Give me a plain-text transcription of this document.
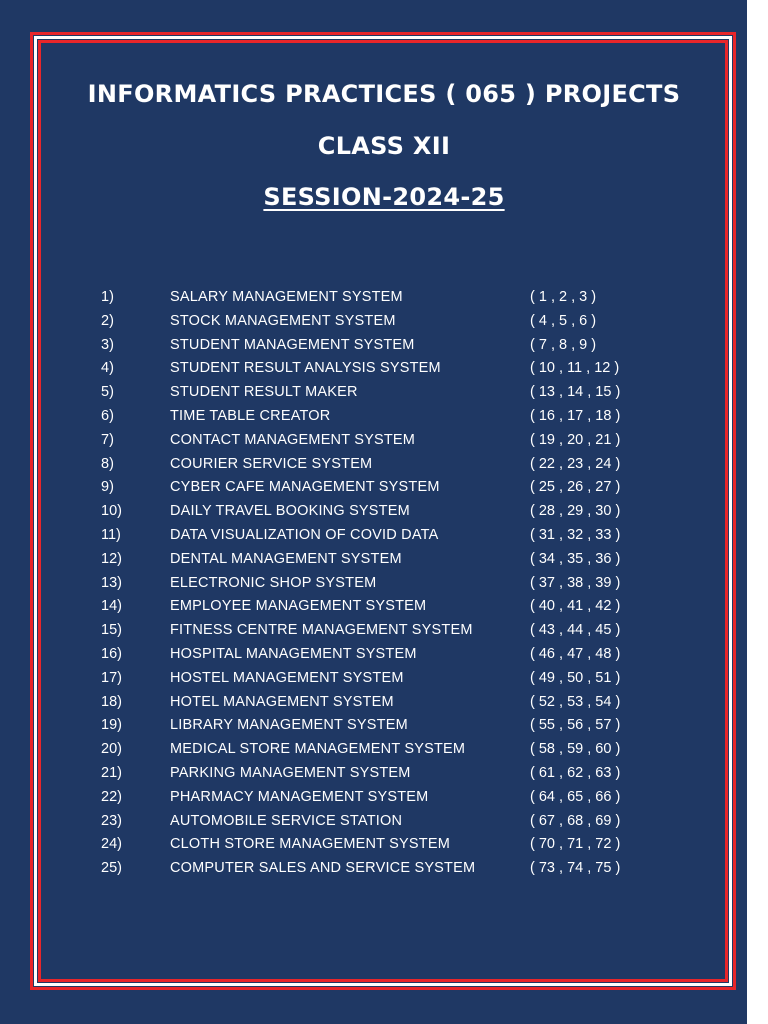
INFORMATICS PRACTICES ( 065 ) PROJECTS
CLASS XII
SESSION-2024-25
1)	SALARY MANAGEMENT SYSTEM	( 1 , 2 , 3 )
2)	STOCK MANAGEMENT SYSTEM	( 4 , 5 , 6 )
3)	STUDENT MANAGEMENT SYSTEM	( 7 , 8 , 9 )
4)	STUDENT RESULT ANALYSIS SYSTEM	( 10 , 11 , 12 )
5)	STUDENT RESULT MAKER	( 13 , 14 , 15 )
6)	TIME TABLE CREATOR	( 16 , 17 , 18 )
7)	CONTACT MANAGEMENT SYSTEM	( 19 , 20 , 21 )
8)	COURIER SERVICE SYSTEM	( 22 , 23 , 24 )
9)	CYBER CAFE MANAGEMENT SYSTEM	( 25 , 26 , 27 )
10)	DAILY TRAVEL BOOKING SYSTEM	( 28 , 29 , 30 )
11)	DATA VISUALIZATION OF COVID DATA	( 31 , 32 , 33 )
12)	DENTAL MANAGEMENT SYSTEM	( 34 , 35 , 36 )
13)	ELECTRONIC SHOP SYSTEM	( 37 , 38 , 39 )
14)	EMPLOYEE MANAGEMENT SYSTEM	( 40 , 41 , 42 )
15)	FITNESS CENTRE MANAGEMENT SYSTEM	( 43 , 44 , 45 )
16)	HOSPITAL MANAGEMENT SYSTEM	( 46 , 47 , 48 )
17)	HOSTEL MANAGEMENT SYSTEM	( 49 , 50 , 51 )
18)	HOTEL MANAGEMENT SYSTEM	( 52 , 53 , 54 )
19)	LIBRARY MANAGEMENT SYSTEM	( 55 , 56 , 57 )
20)	MEDICAL STORE MANAGEMENT SYSTEM	( 58 , 59 , 60 )
21)	PARKING MANAGEMENT SYSTEM	( 61 , 62 , 63 )
22)	PHARMACY MANAGEMENT SYSTEM	( 64 , 65 , 66 )
23)	AUTOMOBILE SERVICE STATION	( 67 , 68 , 69 )
24)	CLOTH STORE MANAGEMENT SYSTEM	( 70 , 71 , 72 )
25)	COMPUTER SALES AND SERVICE SYSTEM	( 73 , 74 , 75 )
